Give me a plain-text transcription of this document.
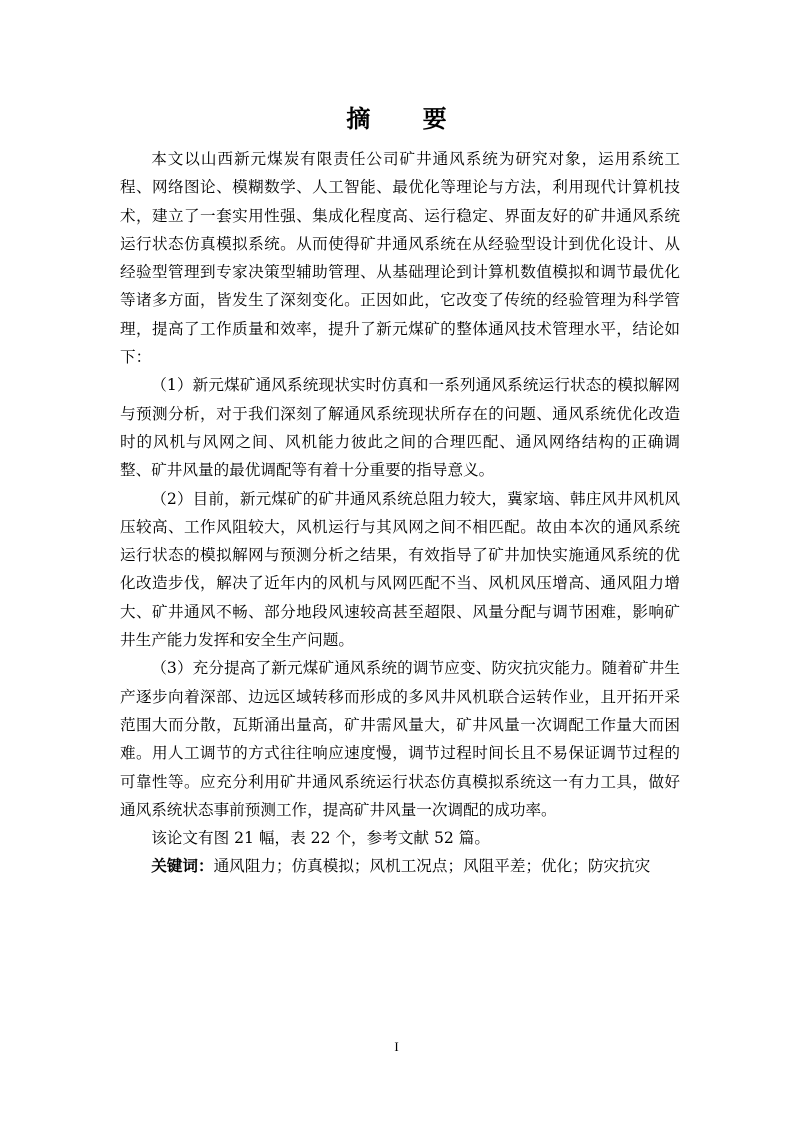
摘 要

本文以山西新元煤炭有限责任公司矿井通风系统为研究对象，运用系统工程、网络图论、模糊数学、人工智能、最优化等理论与方法，利用现代计算机技术，建立了一套实用性强、集成化程度高、运行稳定、界面友好的矿井通风系统运行状态仿真模拟系统。从而使得矿井通风系统在从经验型设计到优化设计、从经验型管理到专家决策型辅助管理、从基础理论到计算机数值模拟和调节最优化等诸多方面，皆发生了深刻变化。正因如此，它改变了传统的经验管理为科学管理，提高了工作质量和效率，提升了新元煤矿的整体通风技术管理水平，结论如下：

（1）新元煤矿通风系统现状实时仿真和一系列通风系统运行状态的模拟解网与预测分析，对于我们深刻了解通风系统现状所存在的问题、通风系统优化改造时的风机与风网之间、风机能力彼此之间的合理匹配、通风网络结构的正确调整、矿井风量的最优调配等有着十分重要的指导意义。

（2）目前，新元煤矿的矿井通风系统总阻力较大，冀家垴、韩庄风井风机风压较高、工作风阻较大，风机运行与其风网之间不相匹配。故由本次的通风系统运行状态的模拟解网与预测分析之结果，有效指导了矿井加快实施通风系统的优化改造步伐，解决了近年内的风机与风网匹配不当、风机风压增高、通风阻力增大、矿井通风不畅、部分地段风速较高甚至超限、风量分配与调节困难，影响矿井生产能力发挥和安全生产问题。

（3）充分提高了新元煤矿通风系统的调节应变、防灾抗灾能力。随着矿井生产逐步向着深部、边远区域转移而形成的多风井风机联合运转作业，且开拓开采范围大而分散，瓦斯涌出量高，矿井需风量大，矿井风量一次调配工作量大而困难。用人工调节的方式往往响应速度慢，调节过程时间长且不易保证调节过程的可靠性等。应充分利用矿井通风系统运行状态仿真模拟系统这一有力工具，做好通风系统状态事前预测工作，提高矿井风量一次调配的成功率。

该论文有图 21 幅，表 22 个，参考文献 52 篇。

关键词：通风阻力；仿真模拟；风机工况点；风阻平差；优化；防灾抗灾

I
